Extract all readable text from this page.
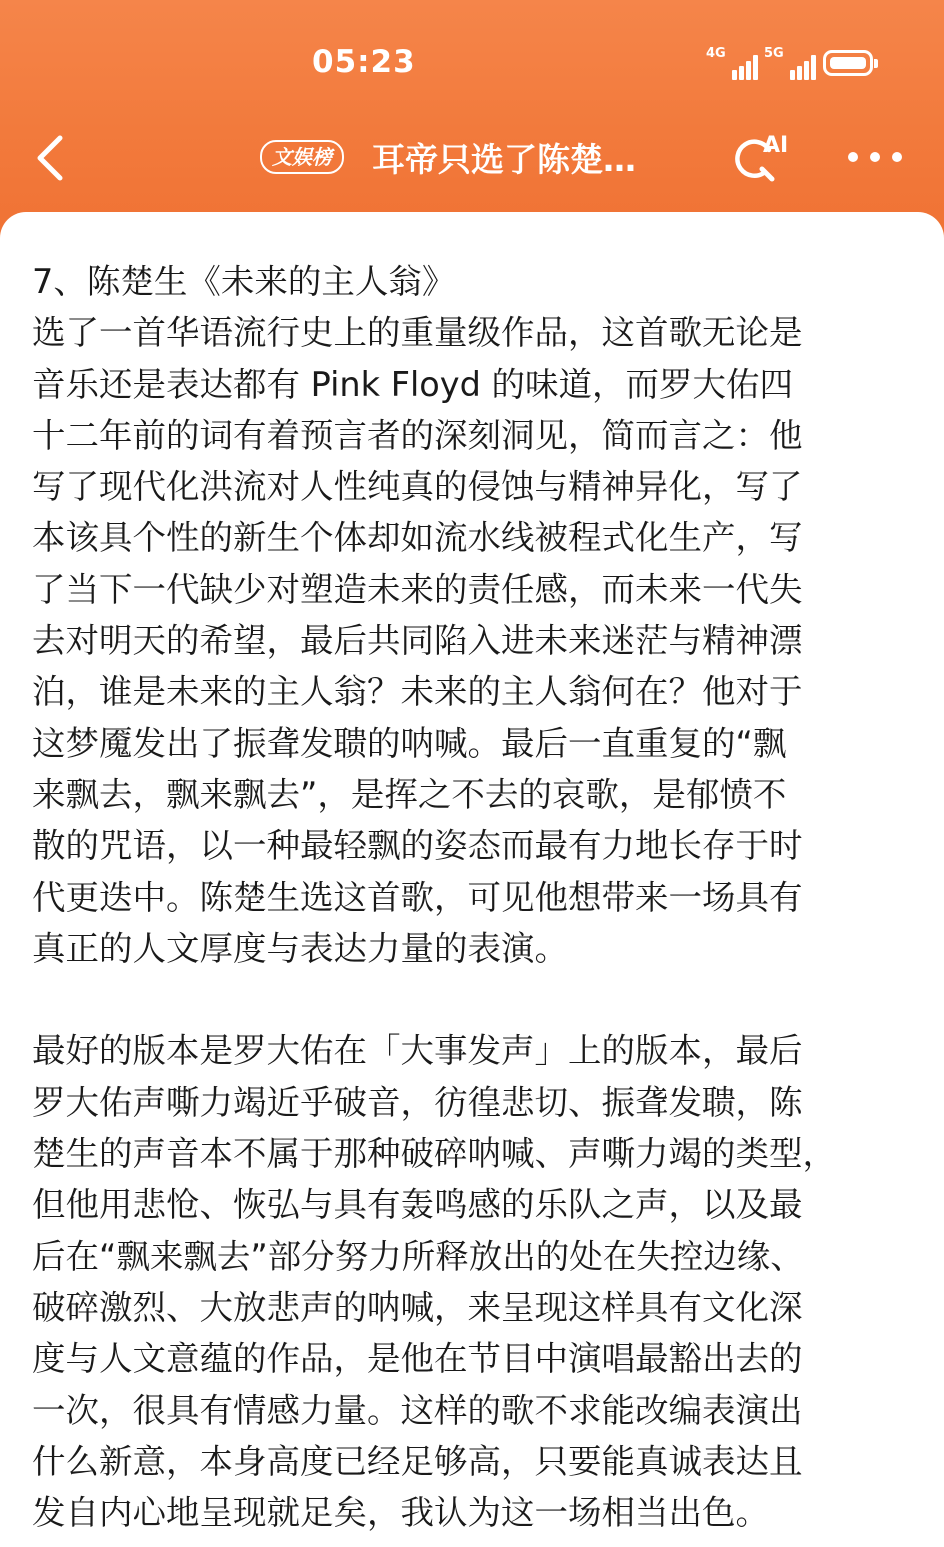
05:23	4G	5G
文娱榜	耳帝只选了陈楚…	AI

7、陈楚生《未来的主人翁》

选了一首华语流行史上的重量级作品，这首歌无论是
音乐还是表达都有 Pink Floyd 的味道，而罗大佑四
十二年前的词有着预言者的深刻洞见，简而言之：他
写了现代化洪流对人性纯真的侵蚀与精神异化，写了
本该具个性的新生个体却如流水线被程式化生产，写
了当下一代缺少对塑造未来的责任感，而未来一代失
去对明天的希望，最后共同陷入进未来迷茫与精神漂
泊，谁是未来的主人翁？未来的主人翁何在？他对于
这梦魇发出了振聋发聩的呐喊。最后一直重复的“飘
来飘去，飘来飘去”，是挥之不去的哀歌，是郁愤不
散的咒语，以一种最轻飘的姿态而最有力地长存于时
代更迭中。陈楚生选这首歌，可见他想带来一场具有
真正的人文厚度与表达力量的表演。

最好的版本是罗大佑在「大事发声」上的版本，最后
罗大佑声嘶力竭近乎破音，彷徨悲切、振聋发聩，陈
楚生的声音本不属于那种破碎呐喊、声嘶力竭的类型，
但他用悲怆、恢弘与具有轰鸣感的乐队之声，以及最
后在“飘来飘去”部分努力所释放出的处在失控边缘、
破碎激烈、大放悲声的呐喊，来呈现这样具有文化深
度与人文意蕴的作品，是他在节目中演唱最豁出去的
一次，很具有情感力量。这样的歌不求能改编表演出
什么新意，本身高度已经足够高，只要能真诚表达且
发自内心地呈现就足矣，我认为这一场相当出色。
